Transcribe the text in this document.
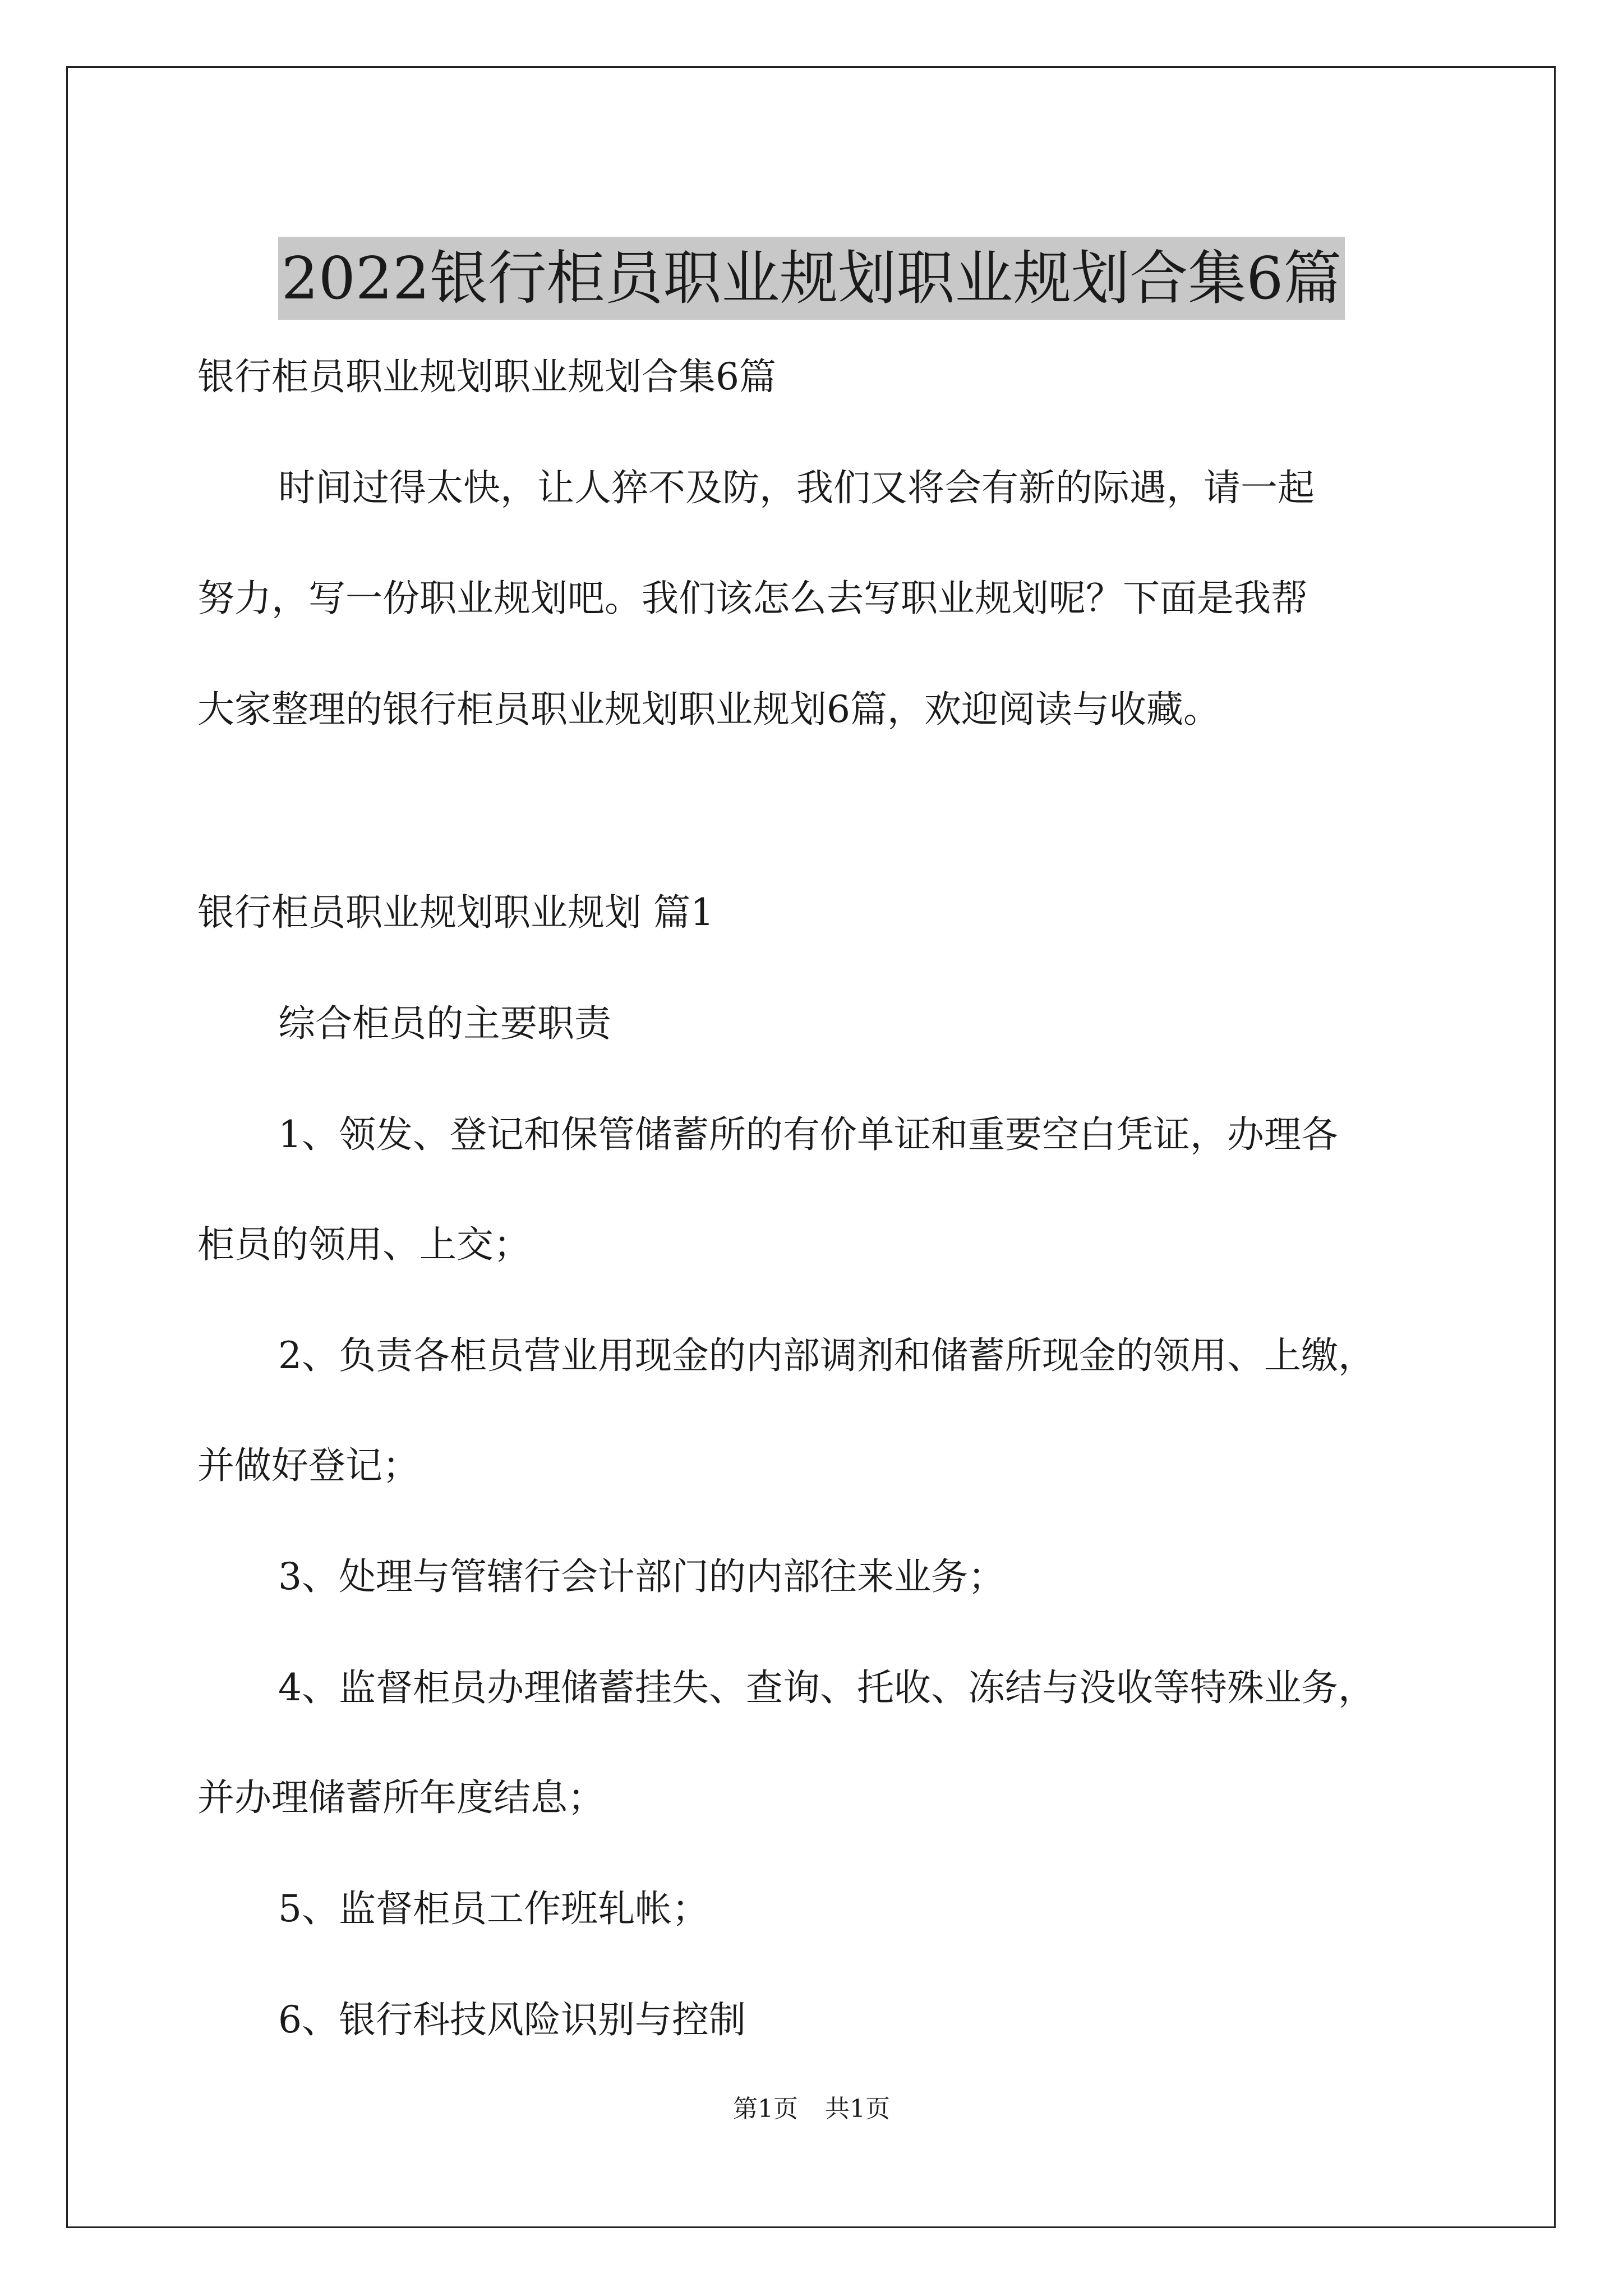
2022银行柜员职业规划职业规划合集6篇
银行柜员职业规划职业规划合集6篇
时间过得太快，让人猝不及防，我们又将会有新的际遇，请一起
努力，写一份职业规划吧。我们该怎么去写职业规划呢？下面是我帮
大家整理的银行柜员职业规划职业规划6篇，欢迎阅读与收藏。
银行柜员职业规划职业规划 篇1
综合柜员的主要职责
1、领发、登记和保管储蓄所的有价单证和重要空白凭证，办理各
柜员的领用、上交；
2、负责各柜员营业用现金的内部调剂和储蓄所现金的领用、上缴，
并做好登记；
3、处理与管辖行会计部门的内部往来业务；
4、监督柜员办理储蓄挂失、查询、托收、冻结与没收等特殊业务，
并办理储蓄所年度结息；
5、监督柜员工作班轧帐；
6、银行科技风险识别与控制
第1页 共1页
